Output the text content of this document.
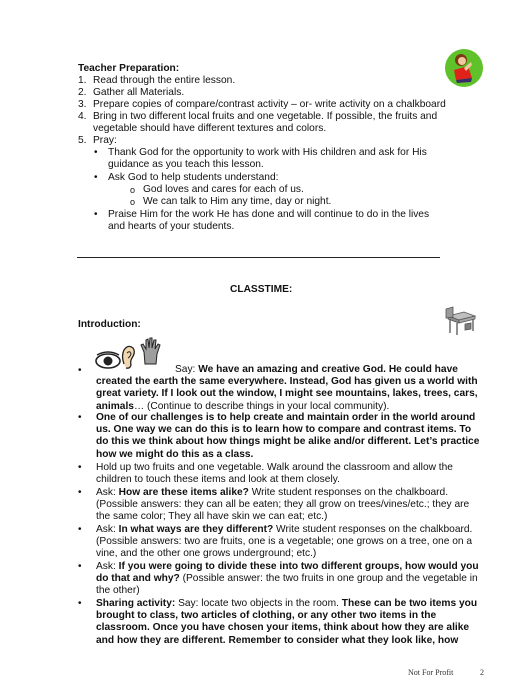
Teacher Preparation:
1. Read through the entire lesson.
2. Gather all Materials.
3. Prepare copies of compare/contrast activity – or- write activity on a chalkboard
4. Bring in two different local fruits and one vegetable. If possible, the fruits and vegetable should have different textures and colors.
5. Pray:
• Thank God for the opportunity to work with His children and ask for His guidance as you teach this lesson.
• Ask God to help students understand:
o God loves and cares for each of us.
o We can talk to Him any time, day or night.
• Praise Him for the work He has done and will continue to do in the lives and hearts of your students.
CLASSTIME:
Introduction:
•	Say: We have an amazing and creative God. He could have created the earth the same everywhere. Instead, God has given us a world with great variety. If I look out the window, I might see mountains, lakes, trees, cars, animals… (Continue to describe things in your local community).
• One of our challenges is to help create and maintain order in the world around us. One way we can do this is to learn how to compare and contrast items. To do this we think about how things might be alike and/or different. Let’s practice how we might do this as a class.
• Hold up two fruits and one vegetable. Walk around the classroom and allow the children to touch these items and look at them closely.
• Ask: How are these items alike? Write student responses on the chalkboard. (Possible answers: they can all be eaten; they all grow on trees/vines/etc.; they are the same color; They all have skin we can eat; etc.)
• Ask: In what ways are they different? Write student responses on the chalkboard. (Possible answers: two are fruits, one is a vegetable; one grows on a tree, one on a vine, and the other one grows underground; etc.)
• Ask: If you were going to divide these into two different groups, how would you do that and why? (Possible answer: the two fruits in one group and the vegetable in the other)
• Sharing activity: Say: locate two objects in the room. These can be two items you brought to class, two articles of clothing, or any other two items in the classroom. Once you have chosen your items, think about how they are alike and how they are different. Remember to consider what they look like, how
Not For Profit	2
